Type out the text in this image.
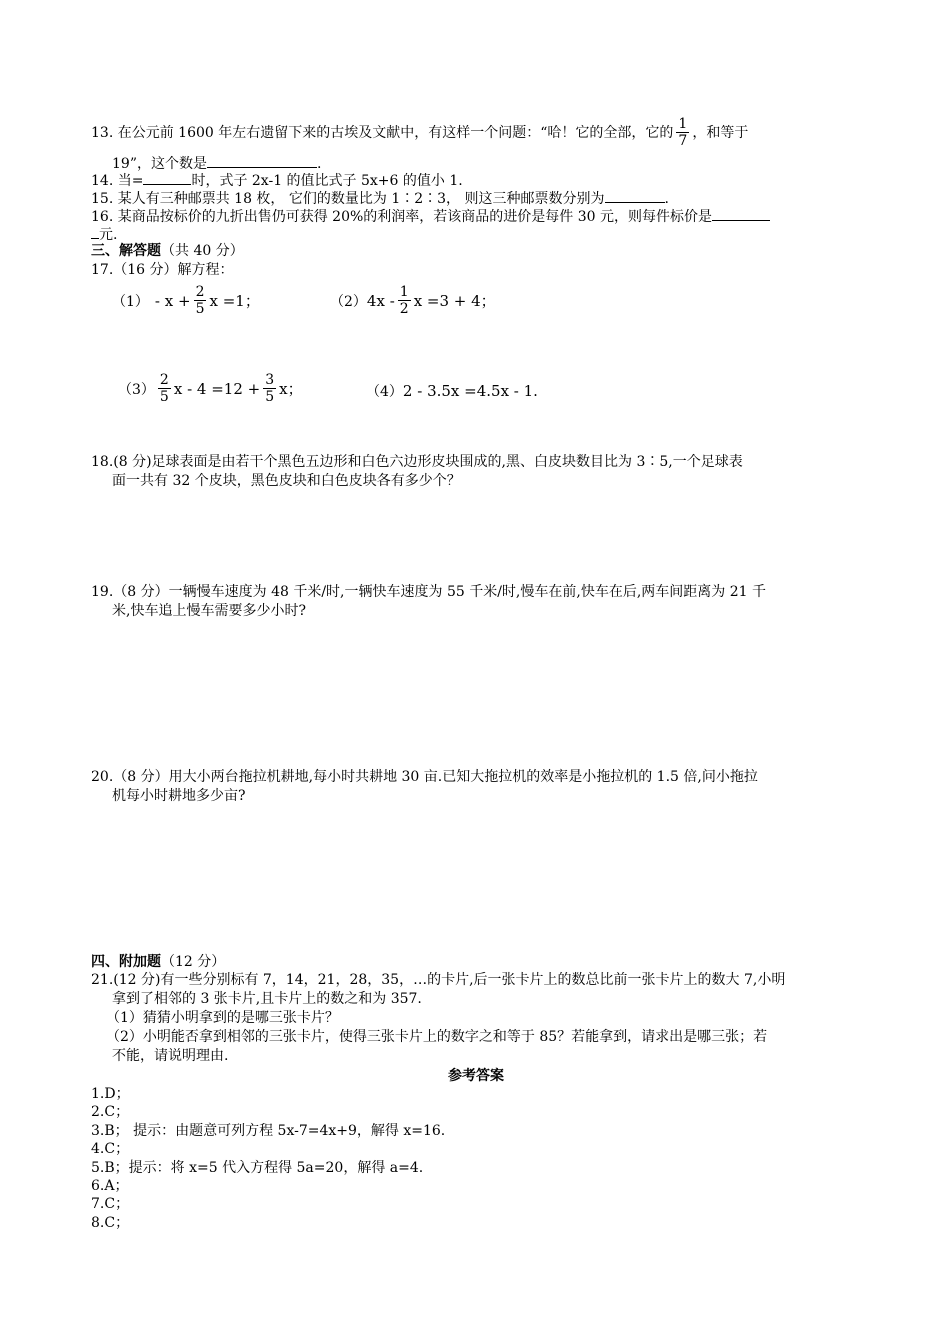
13. 在公元前 1600 年左右遗留下来的古埃及文献中，有这样一个问题：“哈！它的全部，它的 $\frac{1}{7}$ ，和等于
19”，这个数是	.
14. 当=	时，式子 2x-1 的值比式子 5x+6 的值小 1.
15. 某人有三种邮票共 18 枚， 它们的数量比为 1∶2∶3， 则这三种邮票数分别为	.
16. 某商品按标价的九折出售仍可获得 20%的利润率，若该商品的进价是每件 30 元，则每件标价是
元.
三、解答题（共 40 分）
17.（16 分）解方程：
$(1) - x + \frac{2}{5}$ x =1；	（2） $4x - \frac{1}{2}$ x =3 + 4；
$(3) \frac{2}{5}$ $x - 4 =12 + \frac{3}{5}$ x；	（4） 2 - 3.5x =4.5x - 1.
18.(8 分)足球表面是由若干个黑色五边形和白色六边形皮块围成的,黑、白皮块数目比为 3∶5,一个足球表
面一共有 32 个皮块，黑色皮块和白色皮块各有多少个？
19.（8 分）一辆慢车速度为 48 千米/时,一辆快车速度为 55 千米/时,慢车在前,快车在后,两车间距离为 21 千
米,快车追上慢车需要多少小时?
20.（8 分）用大小两台拖拉机耕地,每小时共耕地 30 亩.已知大拖拉机的效率是小拖拉机的 1.5 倍,问小拖拉
机每小时耕地多少亩?
四、附加题（12 分）
21.(12 分)有一些分别标有 7，14，21，28，35，…的卡片,后一张卡片上的数总比前一张卡片上的数大 7,小明
拿到了相邻的 3 张卡片,且卡片上的数之和为 357.
（1）猜猜小明拿到的是哪三张卡片？
（2）小明能否拿到相邻的三张卡片，使得三张卡片上的数字之和等于 85？若能拿到，请求出是哪三张；若
不能，请说明理由.
参考答案
1.D；
2.C；
3.B； 提示：由题意可列方程 5x-7=4x+9，解得 x=16.
4.C；
5.B；提示：将 x=5 代入方程得 5a=20，解得 a=4.
6.A；
7.C；
8.C；
